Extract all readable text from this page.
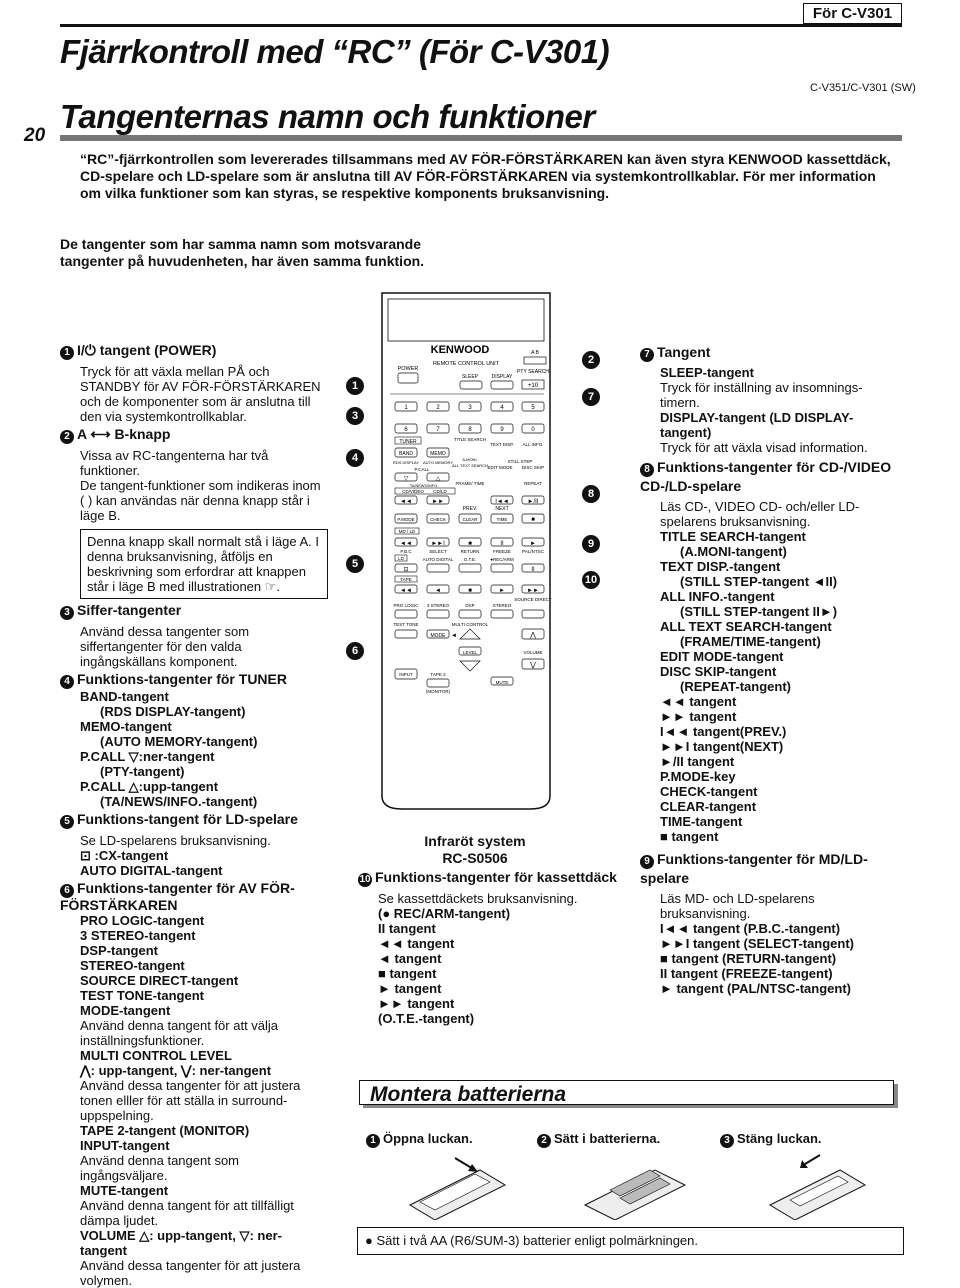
För C-V301
Fjärrkontroll med “RC” (För C-V301)
20
C-V351/C-V301 (SW)
Tangenternas namn och funktioner
“RC”-fjärrkontrollen som levererades tillsammans med AV FÖR-FÖRSTÄRKAREN kan även styra KENWOOD kassettdäck, CD-spelare och LD-spelare som är anslutna till AV FÖR-FÖRSTÄRKAREN via systemkontrollkablar. För mer information om vilka funktioner som kan styras, se respektive komponents bruksanvisning.
De tangenter som har samma namn som motsvarande tangenter på huvudenheten, har även samma funktion.
1 I/⏻ tangent (POWER)
Tryck för att växla mellan PÅ och STANDBY för AV FÖR-FÖRSTÄRKAREN och de komponenter som är anslutna till den via systemkontrollkablar.
2 A ⟷ B-knapp
Vissa av RC-tangenterna har två funktioner.
De tangent-funktioner som indikeras inom ( ) kan användas när denna knapp står i läge B.
Denna knapp skall normalt stå i läge A. I denna bruksanvisning, åtföljs en beskrivning som erfordrar att knappen står i läge B med illustrationen ☞.
3 Siffer-tangenter
Använd dessa tangenter som siffertangenter för den valda ingångskällans komponent.
4 Funktions-tangenter för TUNER
BAND-tangent
(RDS DISPLAY-tangent)
MEMO-tangent
(AUTO MEMORY-tangent)
P.CALL ▽:ner-tangent
(PTY-tangent)
P.CALL △:upp-tangent
(TA/NEWS/INFO.-tangent)
5 Funktions-tangent för LD-spelare
Se LD-spelarens bruksanvisning.
⊡ :CX-tangent
AUTO DIGITAL-tangent
6 Funktions-tangenter för AV FÖR-FÖRSTÄRKAREN
PRO LOGIC-tangent
3 STEREO-tangent
DSP-tangent
STEREO-tangent
SOURCE DIRECT-tangent
TEST TONE-tangent
MODE-tangent
Använd denna tangent för att välja inställningsfunktioner.
MULTI CONTROL LEVEL
⋀: upp-tangent, ⋁: ner-tangent
Använd dessa tangenter för att justera tonen elller för att ställa in surround-uppspelning.
TAPE 2-tangent (MONITOR)
INPUT-tangent
Använd denna tangent som ingångsväljare.
MUTE-tangent
Använd denna tangent för att tillfälligt dämpa ljudet.
VOLUME △: upp-tangent, ▽: ner-tangent
Använd dessa tangenter för att justera volymen.
KENWOOD
REMOTE CONTROL UNIT
A B
POWER
SLEEP	DISPLAY
PTY SEARCH
+10
1	2	3	4	5
6	7	8	9	0
TUNER	TITLE SEARCH
TEXT DISP. ALL INFO.
BAND	MEMO
RDS DISPLAY AUTO MEMORY
A.MONI.
ALL TEXT SEARCH
STILL STEP
EDIT MODE DISC SKIP
P.CALL
▽	△
FRAME/ TIME	REPEAT
TA/NEWS/INFO.
CD/VIDEO CD/LD
◄◄	►►	I◄◄	►/II
PREV.	NEXT
P.MODE	CHECK	CLEAR	TIME	■
MD / LD
◄◄	►►I	■	II	►
P.B.C	SELECT	RETURN	FREEZE	PAL/NTSC
LD	AUTO DIGITAL O.T.E.	●REC/ARM
⊡	II
TAPE
◄◄	◄	■	►	►►
SOURCE DIRECT
PRO LOGIC 3 STEREO	DSP	STEREO
TEST TONE	MULTI CONTROL
MODE ◄	⋀
LEVEL	VOLUME
⋁
TAPE 2
INPUT
MUTE
(MONITOR)
1
3
4
5
6
2
7
8
9
10
Infraröt system
RC-S0506
10 Funktions-tangenter för kassettdäck
Se kassettdäckets bruksanvisning.
(● REC/ARM-tangent)
II tangent
◄◄ tangent
◄ tangent
■ tangent
► tangent
►► tangent
(O.T.E.-tangent)
7 Tangent
SLEEP-tangent
Tryck för inställning av insomnings-timern.
DISPLAY-tangent (LD DISPLAY-tangent)
Tryck för att växla visad information.
8 Funktions-tangenter för CD-/VIDEO CD-/LD-spelare
Läs CD-, VIDEO CD- och/eller LD-spelarens bruksanvisning.
TITLE SEARCH-tangent
(A.MONI-tangent)
TEXT DISP.-tangent
(STILL STEP-tangent ◄II)
ALL INFO.-tangent
(STILL STEP-tangent II►)
ALL TEXT SEARCH-tangent
(FRAME/TIME-tangent)
EDIT MODE-tangent
DISC SKIP-tangent
(REPEAT-tangent)
◄◄ tangent
►► tangent
I◄◄ tangent(PREV.)
►►I tangent(NEXT)
►/II tangent
P.MODE-key
CHECK-tangent
CLEAR-tangent
TIME-tangent
■ tangent
9 Funktions-tangenter för MD/LD-spelare
Läs MD- och LD-spelarens bruksanvisning.
I◄◄ tangent (P.B.C.-tangent)
►►I tangent (SELECT-tangent)
■ tangent (RETURN-tangent)
II tangent (FREEZE-tangent)
► tangent (PAL/NTSC-tangent)
Montera batterierna
1 Öppna luckan.	2 Sätt i batterierna.	3 Stäng luckan.
● Sätt i två AA (R6/SUM-3) batterier enligt polmärkningen.
